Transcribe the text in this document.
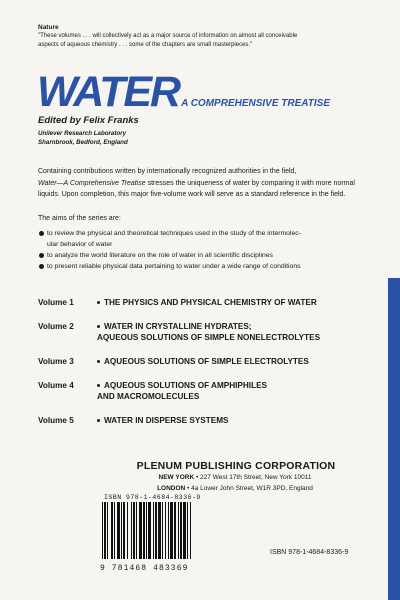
Nature
"These volumes . . . will collectively act as a major source of information on almost all conceivable
aspects of aqueous chemistry . . . some of the chapters are small masterpieces."
WATER A COMPREHENSIVE TREATISE
Edited by Felix Franks
Unilever Research Laboratory
Sharnbrook, Bedford, England
Containing contributions written by internationally recognized authorities in the field,
Water—A Comprehensive Treatise stresses the uniqueness of water by comparing it with more normal liquids. Upon completion, this major five-volume work will serve as a standard reference in the field.
The aims of the series are:
to review the physical and theoretical techniques used in the study of the intermolec-
ular behavior of water
to analyze the world literature on the role of water in all scientific disciplines
to present reliable physical data pertaining to water under a wide range of conditions
Volume 1	THE PHYSICS AND PHYSICAL CHEMISTRY OF WATER
Volume 2	WATER IN CRYSTALLINE HYDRATES;
AQUEOUS SOLUTIONS OF SIMPLE NONELECTROLYTES
Volume 3	AQUEOUS SOLUTIONS OF SIMPLE ELECTROLYTES
Volume 4	AQUEOUS SOLUTIONS OF AMPHIPHILES
AND MACROMOLECULES
Volume 5	WATER IN DISPERSE SYSTEMS
PLENUM PUBLISHING CORPORATION
NEW YORK • 227 West 17th Street, New York 10011
LONDON • 4a Lower John Street, W1R 3PD, England
ISBN 978-1-4684-8336-9
9 781468 483369
ISBN 978-1-4684-8336-9
